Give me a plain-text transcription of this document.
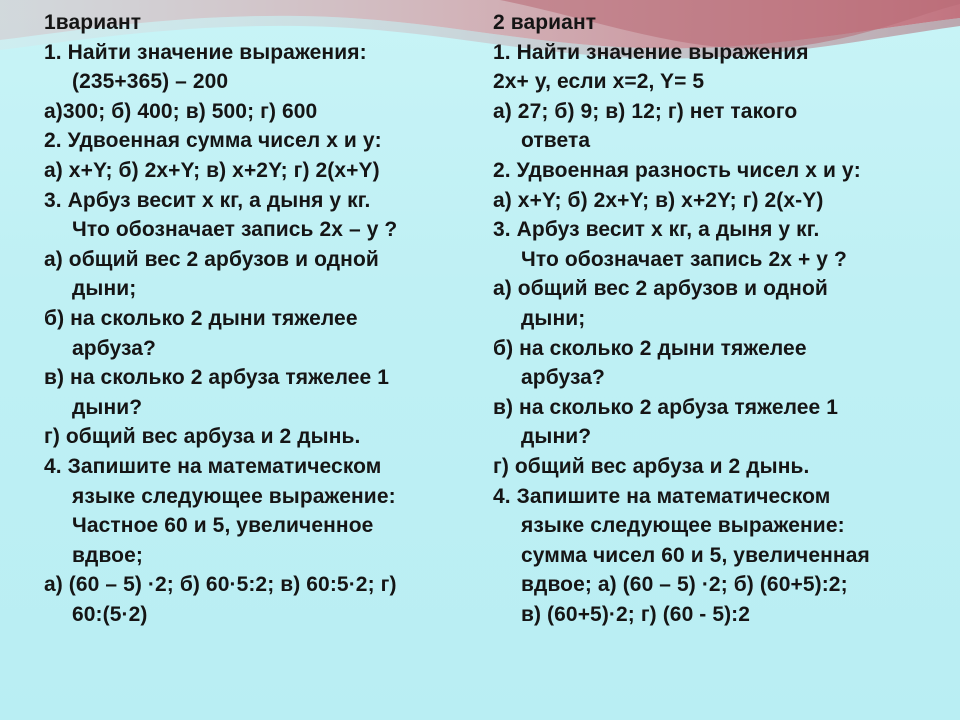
1вариант
1. Найти значение выражения:
(235+365) – 200
а)300; б) 400; в) 500; г) 600
2. Удвоенная сумма чисел x и y:
а) x+Y; б) 2x+Y; в) x+2Y; г) 2(x+Y)
3. Арбуз весит x кг, а дыня y кг.
Что обозначает запись 2x – y ?
а) общий вес 2 арбузов и одной
дыни;
б) на сколько 2 дыни тяжелее
арбуза?
в) на сколько 2 арбуза тяжелее 1
дыни?
г) общий вес арбуза и 2 дынь.
4. Запишите на математическом
языке следующее выражение:
Частное 60 и 5, увеличенное
вдвое;
а) (60 – 5) ·2; б) 60·5:2; в) 60:5·2; г)
60:(5·2)
2 вариант
1. Найти значение выражения
2x+ y, если x=2, Y= 5
а) 27; б) 9; в) 12; г) нет такого
ответа
2. Удвоенная разность чисел x и y:
а) x+Y; б) 2x+Y; в) x+2Y; г) 2(x-Y)
3. Арбуз весит x кг, а дыня y кг.
Что обозначает запись 2x + y ?
а) общий вес 2 арбузов и одной
дыни;
б) на сколько 2 дыни тяжелее
арбуза?
в) на сколько 2 арбуза тяжелее 1
дыни?
г) общий вес арбуза и 2 дынь.
4. Запишите на математическом
языке следующее выражение:
сумма чисел 60 и 5, увеличенная
вдвое; а) (60 – 5) ·2; б) (60+5):2;
в) (60+5)·2; г) (60 - 5):2
